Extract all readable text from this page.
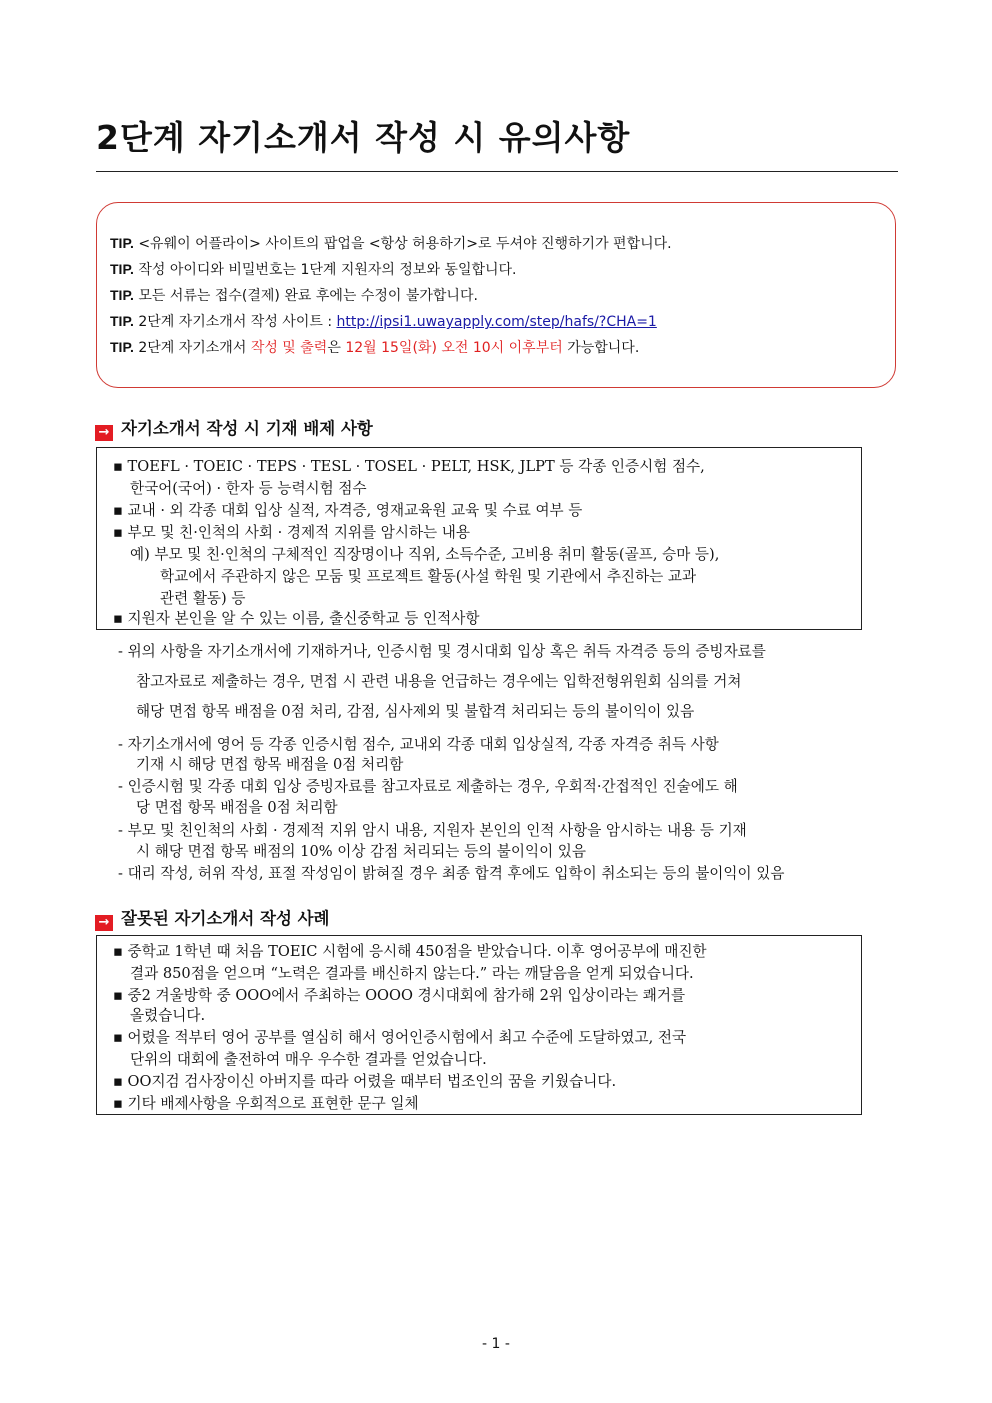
2단계 자기소개서 작성 시 유의사항
TIP. <유웨이 어플라이> 사이트의 팝업을 <항상 허용하기>로 두셔야 진행하기가 편합니다.
TIP. 작성 아이디와 비밀번호는 1단계 지원자의 정보와 동일합니다.
TIP. 모든 서류는 접수(결제) 완료 후에는 수정이 불가합니다.
TIP. 2단계 자기소개서 작성 사이트 : http://ipsi1.uwayapply.com/step/hafs/?CHA=1
TIP. 2단계 자기소개서 작성 및 출력은 12월 15일(화) 오전 10시 이후부터 가능합니다.
→ 자기소개서 작성 시 기재 배제 사항
▪ TOEFL · TOEIC · TEPS · TESL · TOSEL · PELT, HSK, JLPT 등 각종 인증시험 점수,
한국어(국어) · 한자 등 능력시험 점수
▪ 교내 · 외 각종 대회 입상 실적, 자격증, 영재교육원 교육 및 수료 여부 등
▪ 부모 및 친·인척의 사회 · 경제적 지위를 암시하는 내용
예) 부모 및 친·인척의 구체적인 직장명이나 직위, 소득수준, 고비용 취미 활동(골프, 승마 등),
학교에서 주관하지 않은 모둠 및 프로젝트 활동(사설 학원 및 기관에서 추진하는 교과
관련 활동) 등
▪ 지원자 본인을 알 수 있는 이름, 출신중학교 등 인적사항
- 위의 사항을 자기소개서에 기재하거나, 인증시험 및 경시대회 입상 혹은 취득 자격증 등의 증빙자료를
참고자료로 제출하는 경우, 면접 시 관련 내용을 언급하는 경우에는 입학전형위원회 심의를 거쳐
해당 면접 항목 배점을 0점 처리, 감점, 심사제외 및 불합격 처리되는 등의 불이익이 있음
- 자기소개서에 영어 등 각종 인증시험 점수, 교내외 각종 대회 입상실적, 각종 자격증 취득 사항
기재 시 해당 면접 항목 배점을 0점 처리함
- 인증시험 및 각종 대회 입상 증빙자료를 참고자료로 제출하는 경우, 우회적·간접적인 진술에도 해
당 면접 항목 배점을 0점 처리함
- 부모 및 친인척의 사회 · 경제적 지위 암시 내용, 지원자 본인의 인적 사항을 암시하는 내용 등 기재
시 해당 면접 항목 배점의 10% 이상 감점 처리되는 등의 불이익이 있음
- 대리 작성, 허위 작성, 표절 작성임이 밝혀질 경우 최종 합격 후에도 입학이 취소되는 등의 불이익이 있음
→ 잘못된 자기소개서 작성 사례
▪ 중학교 1학년 때 처음 TOEIC 시험에 응시해 450점을 받았습니다. 이후 영어공부에 매진한
결과 850점을 얻으며 “노력은 결과를 배신하지 않는다.” 라는 깨달음을 얻게 되었습니다.
▪ 중2 겨울방학 중 OOO에서 주최하는 OOOO 경시대회에 참가해 2위 입상이라는 쾌거를
올렸습니다.
▪ 어렸을 적부터 영어 공부를 열심히 해서 영어인증시험에서 최고 수준에 도달하였고, 전국
단위의 대회에 출전하여 매우 우수한 결과를 얻었습니다.
▪ OO지검 검사장이신 아버지를 따라 어렸을 때부터 법조인의 꿈을 키웠습니다.
▪ 기타 배제사항을 우회적으로 표현한 문구 일체
- 1 -
